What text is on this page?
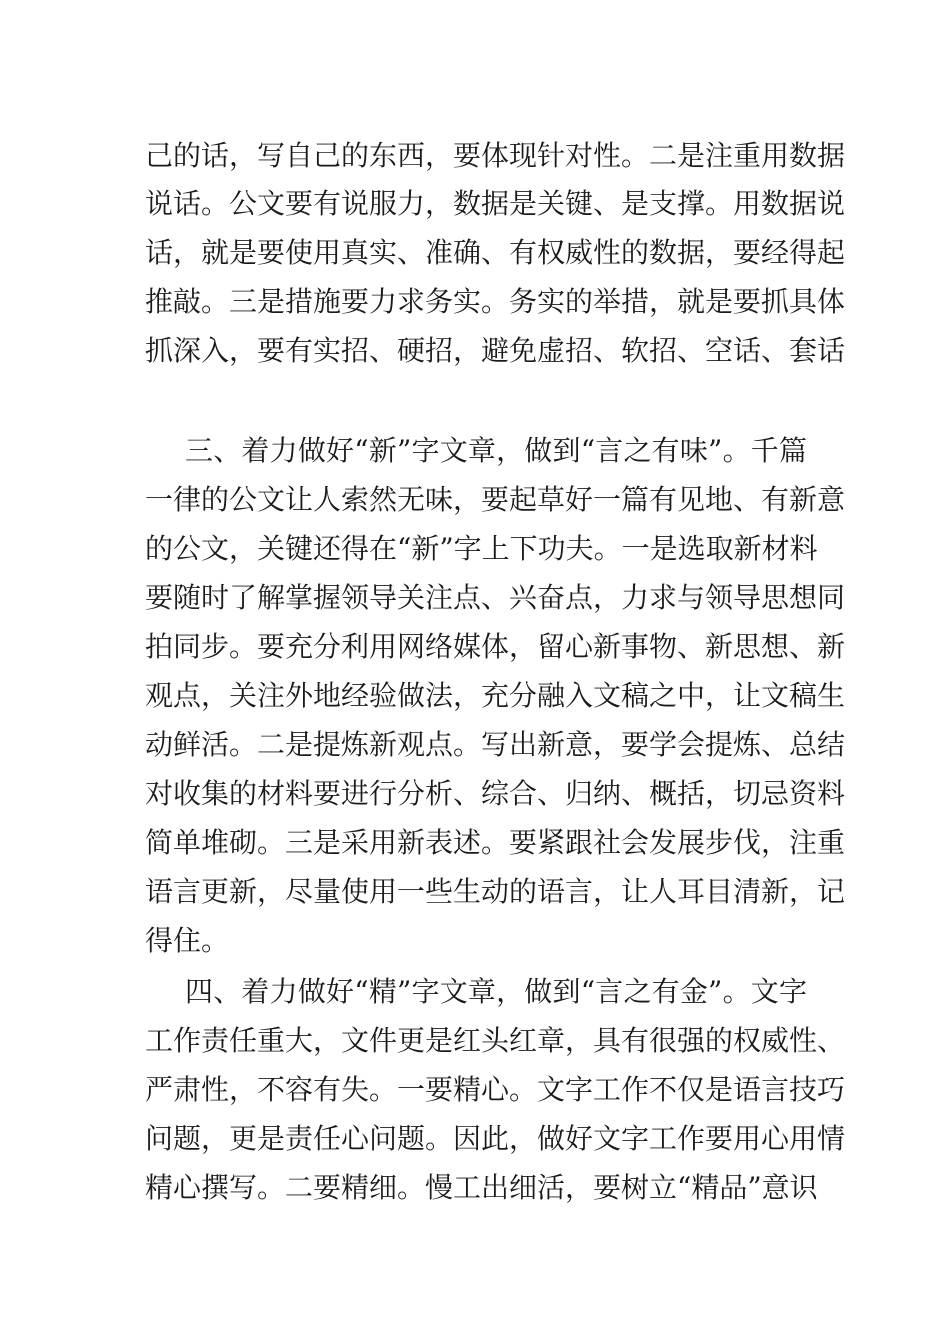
己的话，写自己的东西，要体现针对性。二是注重用数据
说话。公文要有说服力，数据是关键、是支撑。用数据说
话，就是要使用真实、准确、有权威性的数据，要经得起
推敲。三是措施要力求务实。务实的举措，就是要抓具体
抓深入，要有实招、硬招，避免虚招、软招、空话、套话
三、着力做好“新”字文章，做到“言之有味”。千篇
一律的公文让人索然无味，要起草好一篇有见地、有新意
的公文，关键还得在“新”字上下功夫。一是选取新材料
要随时了解掌握领导关注点、兴奋点，力求与领导思想同
拍同步。要充分利用网络媒体，留心新事物、新思想、新
观点，关注外地经验做法，充分融入文稿之中，让文稿生
动鲜活。二是提炼新观点。写出新意，要学会提炼、总结
对收集的材料要进行分析、综合、归纳、概括，切忌资料
简单堆砌。三是采用新表述。要紧跟社会发展步伐，注重
语言更新，尽量使用一些生动的语言，让人耳目清新，记
得住。
四、着力做好“精”字文章，做到“言之有金”。文字
工作责任重大，文件更是红头红章，具有很强的权威性、
严肃性，不容有失。一要精心。文字工作不仅是语言技巧
问题，更是责任心问题。因此，做好文字工作要用心用情
精心撰写。二要精细。慢工出细活，要树立“精品”意识
